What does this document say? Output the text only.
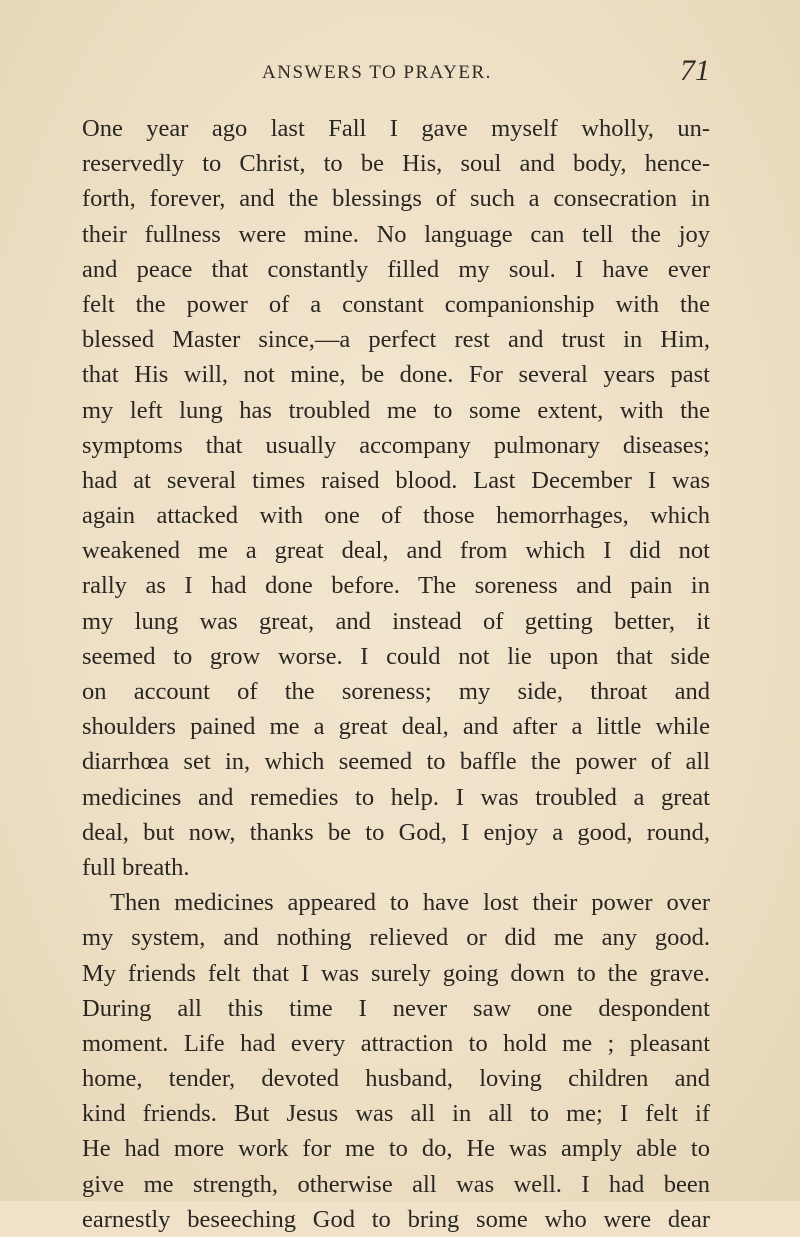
ANSWERS TO PRAYER.	71
One year ago last Fall I gave myself wholly, un-
reservedly to Christ, to be His, soul and body, hence-
forth, forever, and the blessings of such a consecration in
their fullness were mine. No language can tell the joy
and peace that constantly filled my soul. I have ever
felt the power of a constant companionship with the
blessed Master since,—a perfect rest and trust in Him,
that His will, not mine, be done. For several years past
my left lung has troubled me to some extent, with the
symptoms that usually accompany pulmonary diseases;
had at several times raised blood. Last December I was
again attacked with one of those hemorrhages, which
weakened me a great deal, and from which I did not
rally as I had done before. The soreness and pain in
my lung was great, and instead of getting better, it
seemed to grow worse. I could not lie upon that side
on account of the soreness; my side, throat and
shoulders pained me a great deal, and after a little while
diarrhœa set in, which seemed to baffle the power of all
medicines and remedies to help. I was troubled a great
deal, but now, thanks be to God, I enjoy a good, round,
full breath.
Then medicines appeared to have lost their power over
my system, and nothing relieved or did me any good.
My friends felt that I was surely going down to the grave.
During all this time I never saw one despondent
moment. Life had every attraction to hold me ; pleasant
home, tender, devoted husband, loving children and
kind friends. But Jesus was all in all to me; I felt if
He had more work for me to do, He was amply able to
give me strength, otherwise all was well. I had been
earnestly beseeching God to bring some who were dear
